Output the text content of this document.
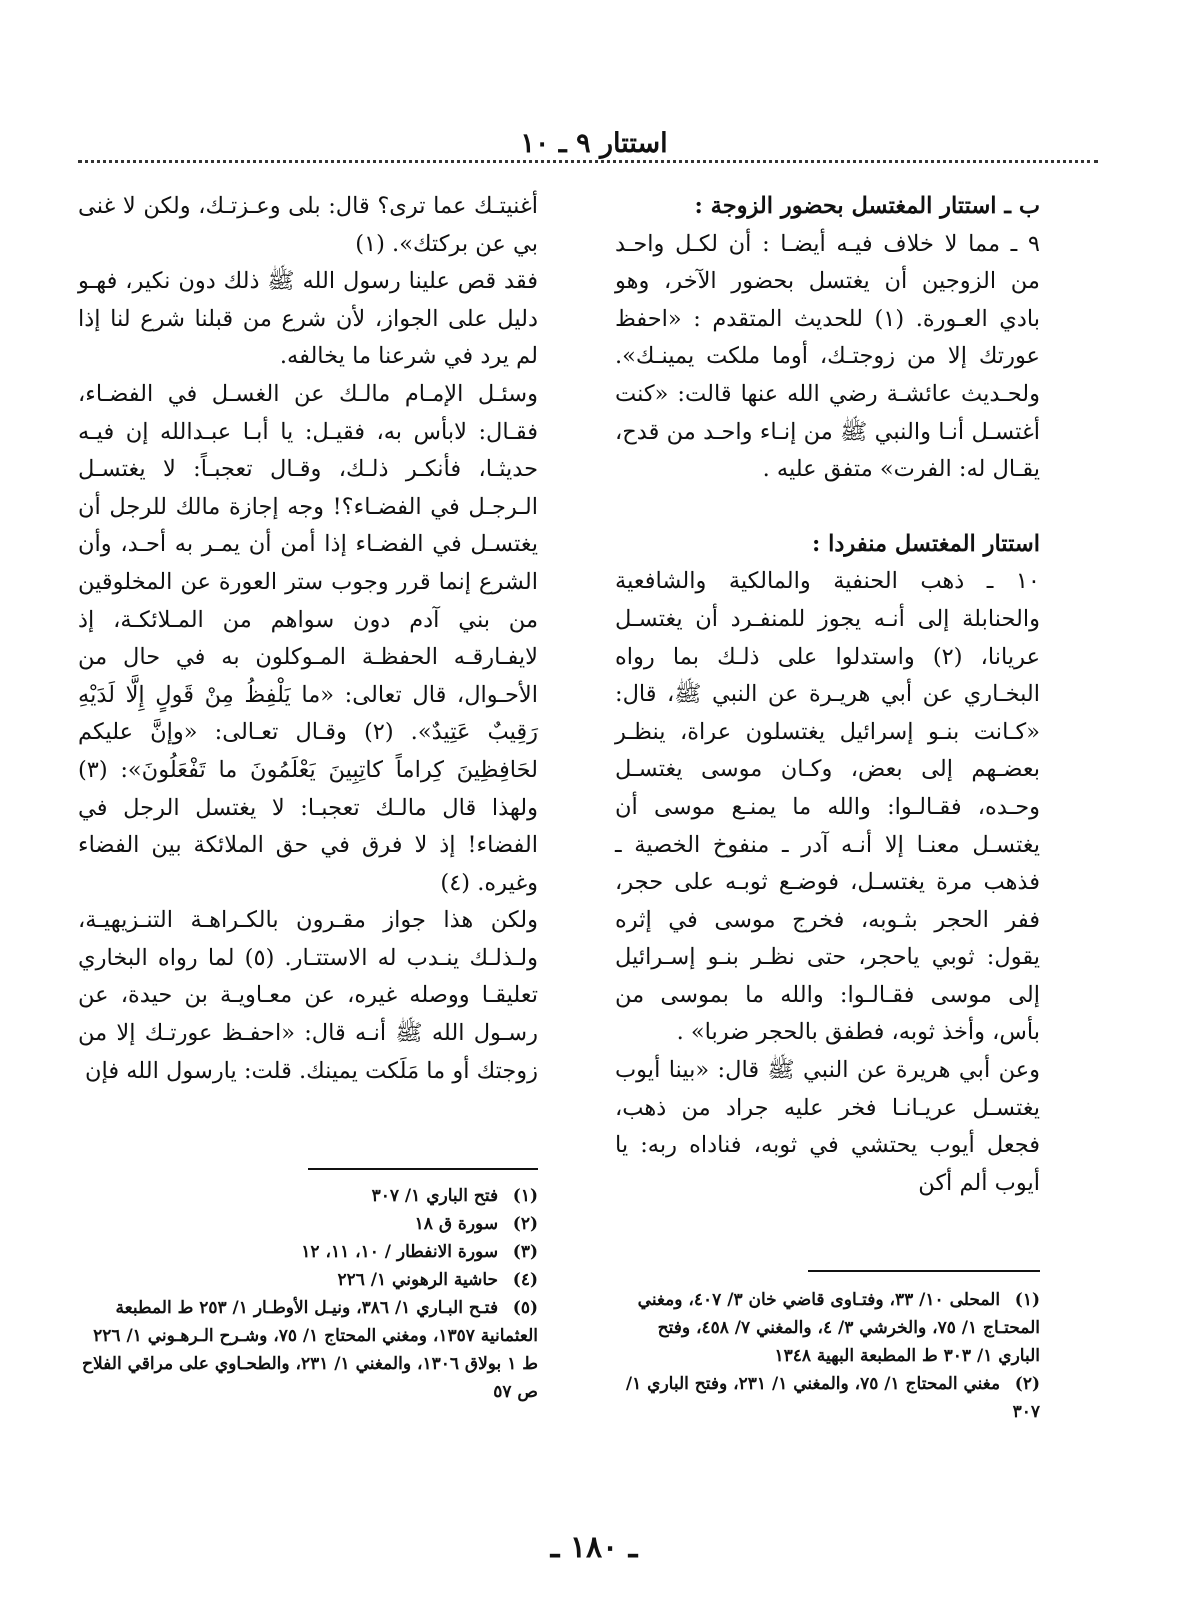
استتار ٩ ـ ١٠

ب ـ استتار المغتسل بحضور الزوجة :

٩ ـ مما لا خلاف فيـه أيضـا : أن لكـل واحـد من الزوجين أن يغتسل بحضور الآخر، وهو بادي العـورة. (١) للحديث المتقدم : «احفظ عورتك إلا من زوجتـك، أوما ملكت يمينـك». ولحـديث عائشـة رضي الله عنها قالت: «كنت أغتسـل أنـا والنبي ﷺ من إنـاء واحـد من قدح، يقـال له: الفرت» متفق عليه .

استتار المغتسل منفردا :

١٠ ـ ذهب الحنفية والمالكية والشافعية والحنابلة إلى أنـه يجوز للمنفـرد أن يغتسـل عريانا، (٢) واستدلوا على ذلـك بما رواه البخـاري عن أبي هريـرة عن النبي ﷺ، قال: «كـانت بنـو إسرائيل يغتسلون عراة، ينظـر بعضـهم إلى بعض، وكـان موسى يغتسـل وحـده، فقـالـوا: والله ما يمنـع موسى أن يغتسـل معنـا إلا أنـه آدر ـ منفوخ الخصية ـ فذهب مرة يغتسـل، فوضـع ثوبـه على حجر، ففر الحجر بثـوبه، فخرج موسى في إثره يقول: ثوبي ياحجر، حتى نظـر بنـو إسـرائيل إلى موسى فقـالـوا: والله ما بموسى من بأس، وأخذ ثوبه، فطفق بالحجر ضربا» .

وعن أبي هريرة عن النبي ﷺ قال: «بينا أيوب يغتسـل عريـانـا فخر عليه جراد من ذهب، فجعل أيوب يحتشي في ثوبه، فناداه ربه: يا أيوب ألم أكن

أغنيتـك عما ترى؟ قال: بلى وعـزتـك، ولكن لا غنى بي عن بركتك». (١)

فقد قص علينا رسول الله ﷺ ذلك دون نكير، فهـو دليل على الجواز، لأن شرع من قبلنا شرع لنا إذا لم يرد في شرعنا ما يخالفه.

وسئـل الإمـام مالـك عن الغسـل في الفضـاء، فقـال: لابأس به، فقيـل: يا أبـا عبـدالله إن فيـه حديثـا، فأنكـر ذلـك، وقـال تعجبـاً: لا يغتسـل الـرجـل في الفضـاء؟! وجه إجازة مالك للرجل أن يغتسـل في الفضـاء إذا أمن أن يمـر به أحـد، وأن الشرع إنما قرر وجوب ستر العورة عن المخلوقين من بني آدم دون سواهم من المـلائكـة، إذ لايفـارقـه الحفظـة المـوكلون به في حال من الأحـوال، قال تعالى: «ما يَلْفِظُ مِنْ قَولٍ إِلَّا لَدَيْهِ رَقِيبٌ عَتِيدٌ». (٢) وقـال تعـالى: «وإنَّ عليكم لحَافِظِينَ كِراماً كاتِبِينَ يَعْلَمُونَ ما تَفْعَلُونَ»: (٣) ولهذا قال مالـك تعجبـا: لا يغتسل الرجل في الفضاء! إذ لا فرق في حق الملائكة بين الفضاء وغيره. (٤)

ولكن هذا جواز مقـرون بالكـراهـة التنـزيهيـة، ولـذلـك ينـدب له الاستتـار. (٥) لما رواه البخاري تعليقـا ووصله غيره، عن معـاويـة بن حيدة، عن رسـول الله ﷺ أنـه قال: «احفـظ عورتـك إلا من زوجتك أو ما مَلَكت يمينك. قلت: يارسول الله فإن

(١) فتح الباري ١/ ٣٠٧

(٢) سورة ق ١٨

(٣) سورة الانفطار / ١٠، ١١، ١٢

(٤) حاشية الرهوني ١/ ٢٢٦

(٥) فتـح البـاري ١/ ٣٨٦، ونيـل الأوطـار ١/ ٢٥٣ ط المطبعة العثمانية ١٣٥٧، ومغني المحتاج ١/ ٧٥، وشـرح الـرهـوني ١/ ٢٢٦ ط ١ بولاق ١٣٠٦، والمغني ١/ ٢٣١، والطحـاوي على مراقي الفلاح ص ٥٧

(١) المحلى ١٠/ ٣٣، وفتـاوى قاضي خان ٣/ ٤٠٧، ومغني المحتـاج ١/ ٧٥، والخرشي ٣/ ٤، والمغني ٧/ ٤٥٨، وفتح الباري ١/ ٣٠٣ ط المطبعة البهية ١٣٤٨

(٢) مغني المحتاج ١/ ٧٥، والمغني ١/ ٢٣١، وفتح الباري ١/ ٣٠٧

ـ ١٨٠ ـ
